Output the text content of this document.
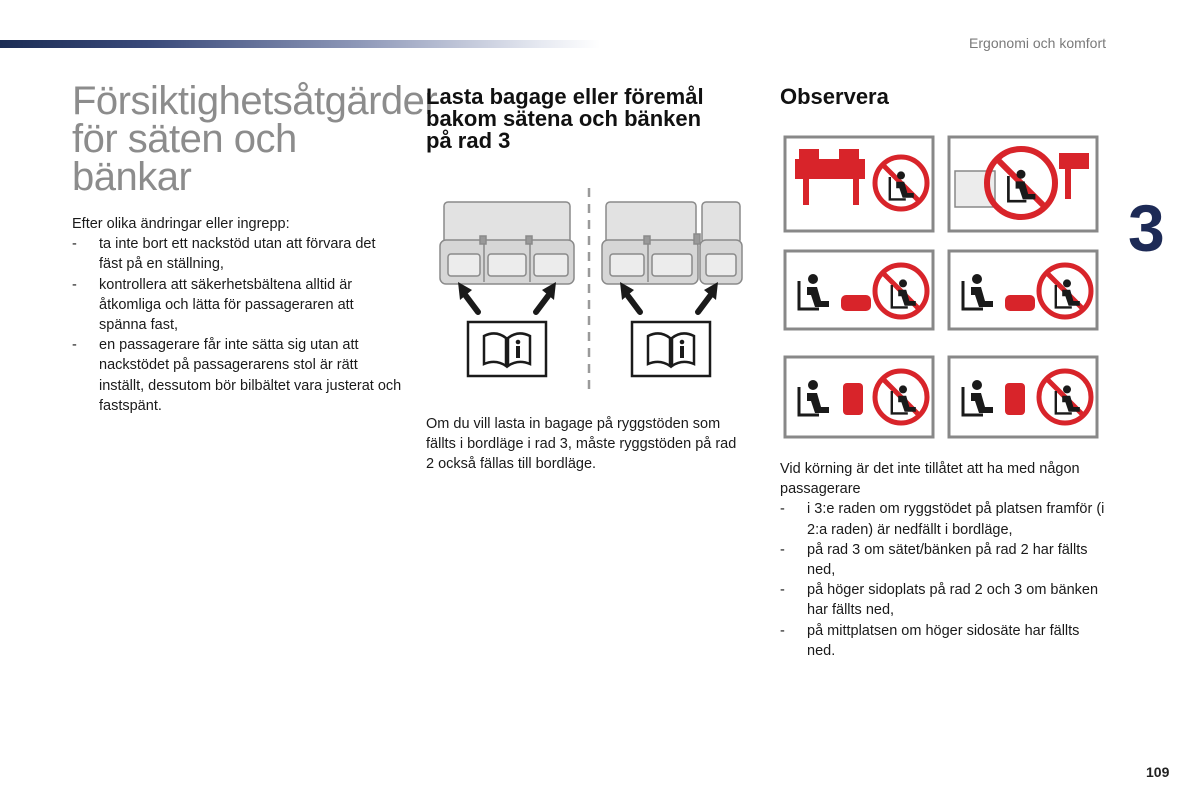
Ergonomi och komfort
3
109
Försiktighetsåtgärder
för säten och bänkar
Efter olika ändringar eller ingrepp:
- ta inte bort ett nackstöd utan att förvara det fäst på en ställning,
- kontrollera att säkerhetsbältena alltid är åtkomliga och lätta för passageraren att spänna fast,
- en passagerare får inte sätta sig utan att nackstödet på passagerarens stol är rätt inställt, dessutom bör bilbältet vara justerat och fastspänt.
Lasta bagage eller föremål
bakom sätena och bänken
på rad 3
Om du vill lasta in bagage på ryggstöden som fällts i bordläge i rad 3, måste ryggstöden på rad 2 också fällas till bordläge.
Observera
Vid körning är det inte tillåtet att ha med någon passagerare
- i 3:e raden om ryggstödet på platsen framför (i 2:a raden) är nedfällt i bordläge,
- på rad 3 om sätet/bänken på rad 2 har fällts ned,
- på höger sidoplats på rad 2 och 3 om bänken har fällts ned,
- på mittplatsen om höger sidosäte har fällts ned.
